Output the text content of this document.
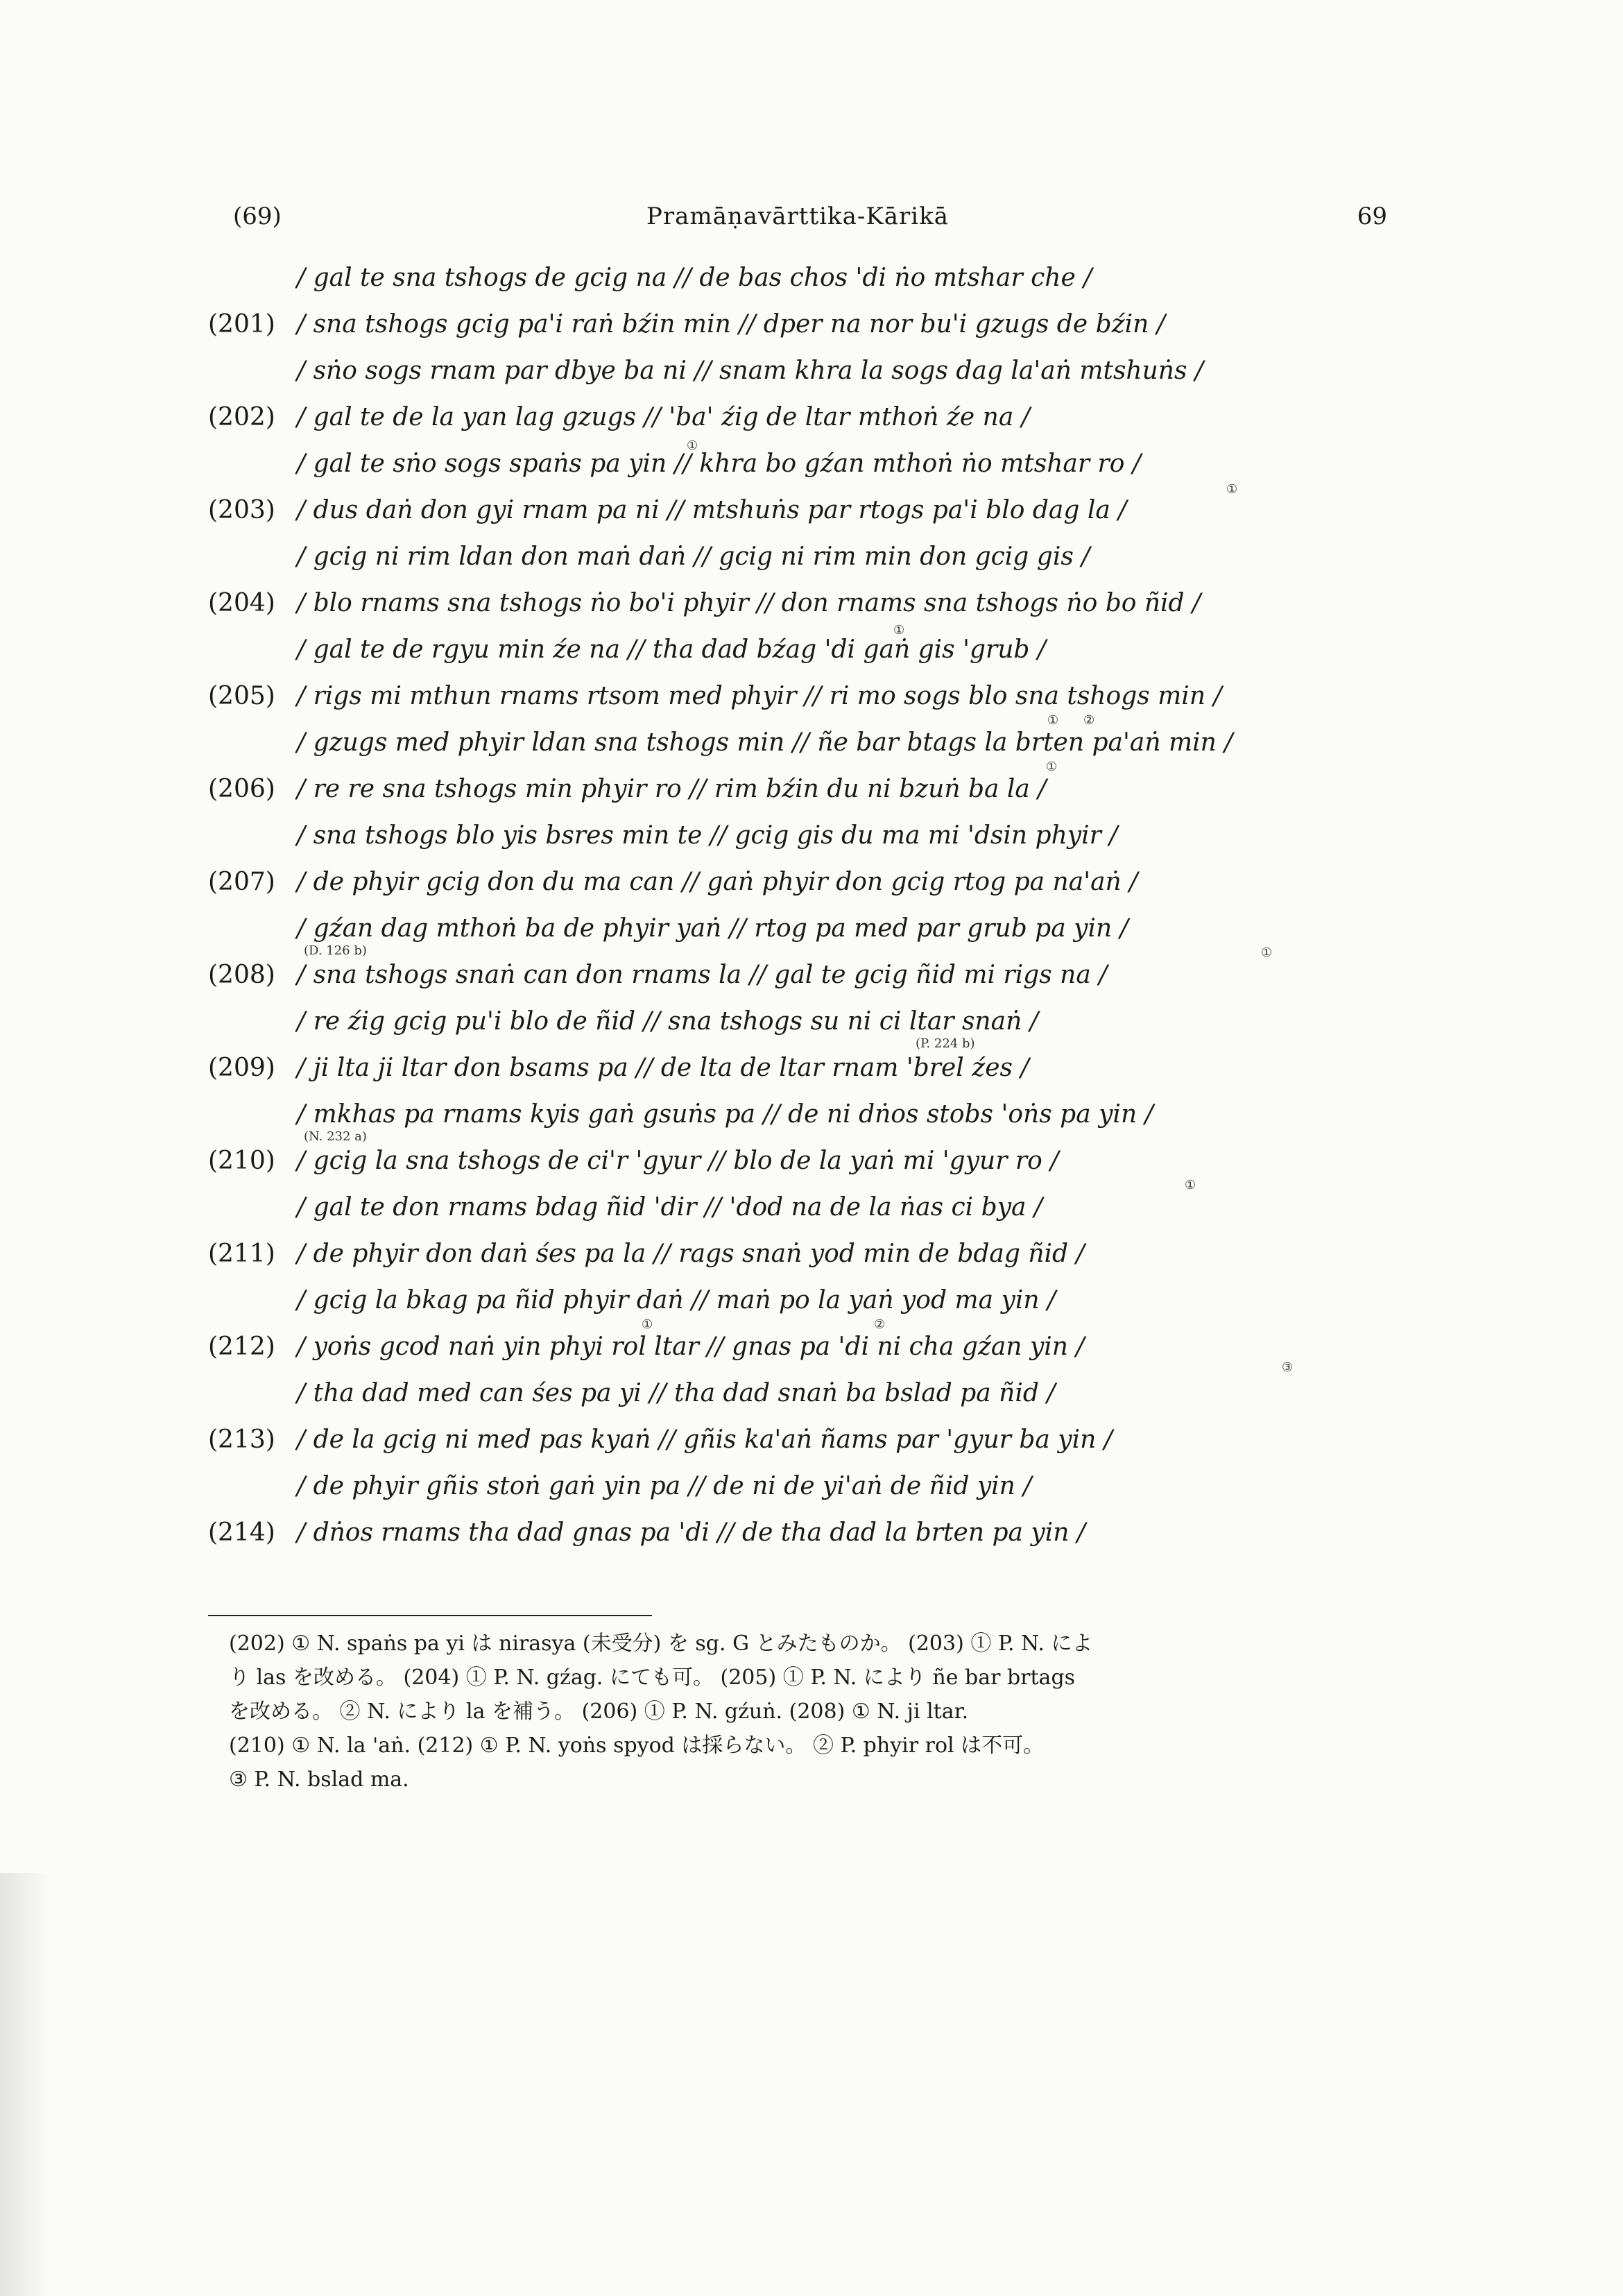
(69)	Pramāṇavārttika-Kārikā	69
/ gal te sna tshogs de gcig na // de bas chos 'di ṅo mtshar che /
(201) / sna tshogs gcig pa'i raṅ bźin min // dper na nor bu'i gzugs de bźin /
/ sṅo sogs rnam par dbye ba ni // snam khra la sogs dag la'aṅ mtshuṅs /
(202) / gal te de la yan lag gzugs // 'ba' źig de ltar mthoṅ źe na /
①
/ gal te sṅo sogs spaṅs pa yin // khra bo gźan mthoṅ ṅo mtshar ro /
①
(203) / dus daṅ don gyi rnam pa ni // mtshuṅs par rtogs pa'i blo dag la /
/ gcig ni rim ldan don maṅ daṅ // gcig ni rim min don gcig gis /
(204) / blo rnams sna tshogs ṅo bo'i phyir // don rnams sna tshogs ṅo bo ñid /
①
/ gal te de rgyu min źe na // tha dad bźag 'di gaṅ gis 'grub /
(205) / rigs mi mthun rnams rtsom med phyir // ri mo sogs blo sna tshogs min /
① ②
/ gzugs med phyir ldan sna tshogs min // ñe bar btags la brten pa'aṅ min /
①
(206) / re re sna tshogs min phyir ro // rim bźin du ni bzuṅ ba la /
/ sna tshogs blo yis bsres min te // gcig gis du ma mi 'dsin phyir /
(207) / de phyir gcig don du ma can // gaṅ phyir don gcig rtog pa na'aṅ /
/ gźan dag mthoṅ ba de phyir yaṅ // rtog pa med par grub pa yin /
(D. 126 b)	①
(208) / sna tshogs snaṅ can don rnams la // gal te gcig ñid mi rigs na /
/ re źig gcig pu'i blo de ñid // sna tshogs su ni ci ltar snaṅ /
(P. 224 b)
(209) / ji lta ji ltar don bsams pa // de lta de ltar rnam 'brel źes /
/ mkhas pa rnams kyis gaṅ gsuṅs pa // de ni dṅos stobs 'oṅs pa yin /
(N. 232 a)
(210) / gcig la sna tshogs de ci'r 'gyur // blo de la yaṅ mi 'gyur ro /
①
/ gal te don rnams bdag ñid 'dir // 'dod na de la ṅas ci bya /
(211) / de phyir don daṅ śes pa la // rags snaṅ yod min de bdag ñid /
/ gcig la bkag pa ñid phyir daṅ // maṅ po la yaṅ yod ma yin /
①	②
③
(212) / yoṅs gcod naṅ yin phyi rol ltar // gnas pa 'di ni cha gźan yin /
/ tha dad med can śes pa yi // tha dad snaṅ ba bslad pa ñid /
(213) / de la gcig ni med pas kyaṅ // gñis ka'aṅ ñams par 'gyur ba yin /
/ de phyir gñis stoṅ gaṅ yin pa // de ni de yi'aṅ de ñid yin /
(214) / dṅos rnams tha dad gnas pa 'di // de tha dad la brten pa yin /

(202) ① N. spaṅs pa yi は nirasya (未受分) を sg. G とみたものか。 (203) ① P. N. によ

り las を改める。 (204) ① P. N. gźag. にても可。 (205) ① P. N. により ñe bar brtags

を改める。 ② N. により la を補う。 (206) ① P. N. gźuṅ. (208) ① N. ji ltar.

(210) ① N. la 'aṅ. (212) ① P. N. yoṅs spyod は採らない。 ② P. phyir rol は不可。

③ P. N. bslad ma.
